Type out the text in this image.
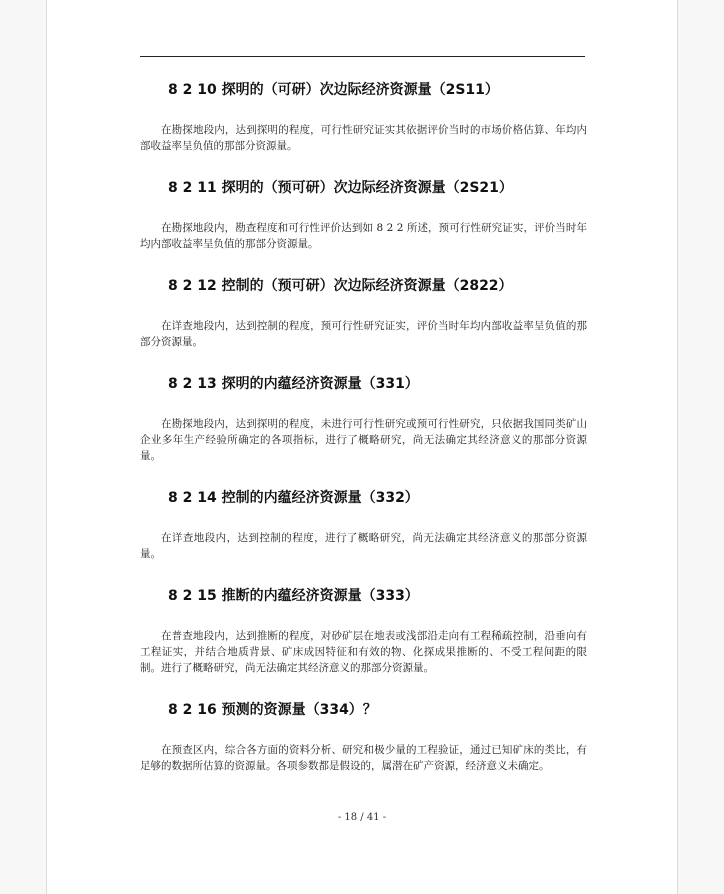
8 2 10 探明的（可研）次边际经济资源量（2S11）

在勘探地段内，达到探明的程度，可行性研究证实其依据评价当时的市场价格估算、年均内部收益率呈负值的那部分资源量。

8 2 11 探明的（预可研）次边际经济资源量（2S21）

在勘探地段内，勘查程度和可行性评价达到如 8 2 2 所述，预可行性研究证实，评价当时年均内部收益率呈负值的那部分资源量。

8 2 12 控制的（预可研）次边际经济资源量（2822）

在详查地段内，达到控制的程度，预可行性研究证实，评价当时年均内部收益率呈负值的那部分资源量。

8 2 13 探明的内蕴经济资源量（331）

在勘探地段内，达到探明的程度，未进行可行性研究或预可行性研究，只依据我国同类矿山企业多年生产经验所确定的各项指标，进行了概略研究，尚无法确定其经济意义的那部分资源量。

8 2 14 控制的内蕴经济资源量（332）

在详查地段内，达到控制的程度，进行了概略研究，尚无法确定其经济意义的那部分资源量。

8 2 15 推断的内蕴经济资源量（333）

在普查地段内，达到推断的程度，对砂矿层在地表或浅部沿走向有工程稀疏控制，沿垂向有工程证实，并结合地质背景、矿床成因特征和有效的物、化探成果推断的、不受工程间距的限制。进行了概略研究，尚无法确定其经济意义的那部分资源量。

8 2 16 预测的资源量（334）？

在预查区内，综合各方面的资料分析、研究和极少量的工程验证，通过已知矿床的类比，有足够的数据所估算的资源量。各项参数都是假设的，属潜在矿产资源，经济意义未确定。

- 18 / 41 -
